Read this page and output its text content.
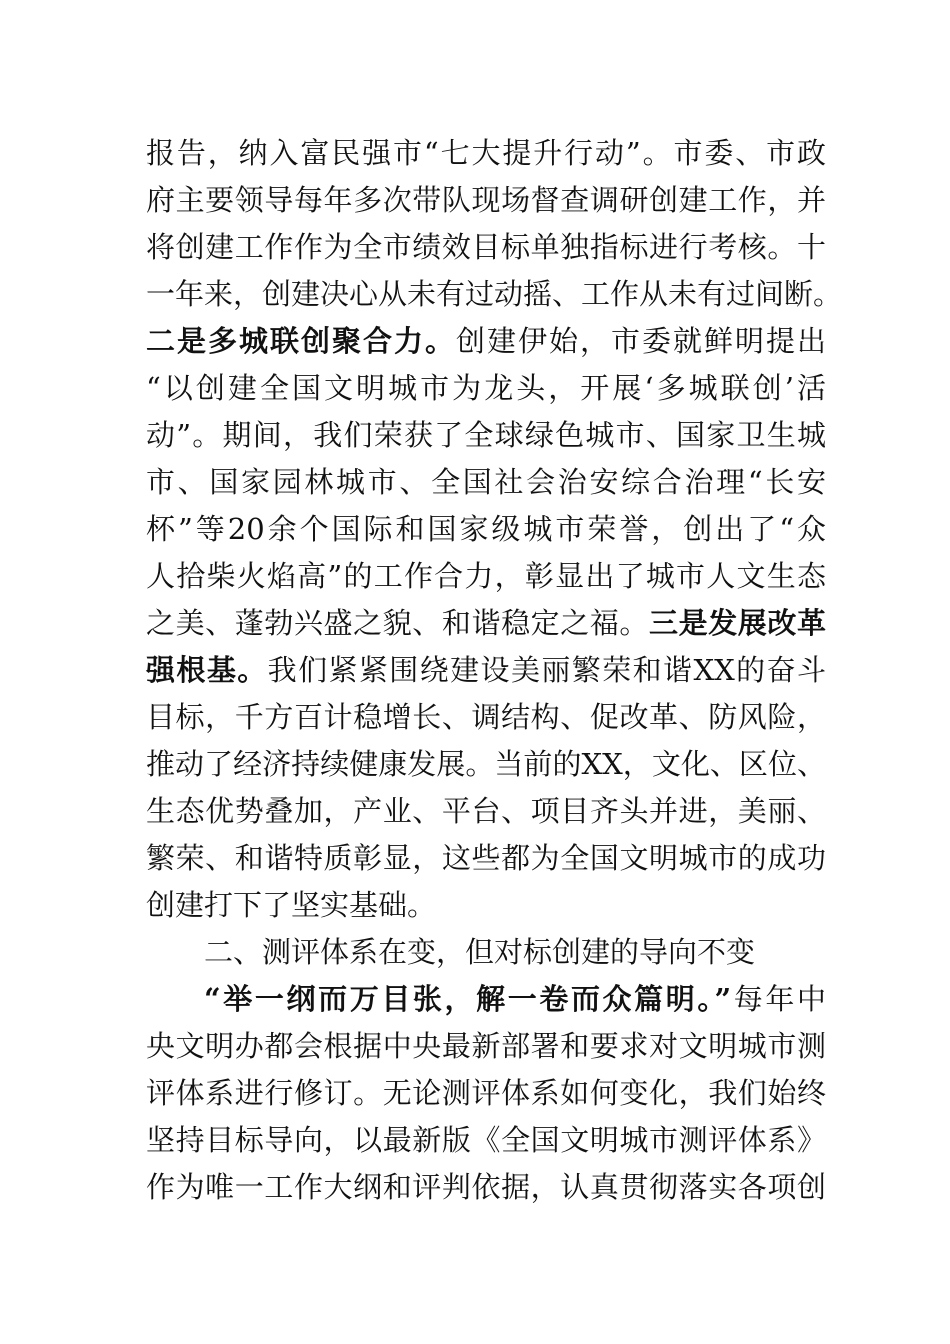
报告，纳入富民强市“七大提升行动”。市委、市政
府主要领导每年多次带队现场督查调研创建工作，并
将创建工作作为全市绩效目标单独指标进行考核。十
一年来，创建决心从未有过动摇、工作从未有过间断。
二是多城联创聚合力。创建伊始，市委就鲜明提出
“以创建全国文明城市为龙头，开展‘多城联创’活
动”。期间，我们荣获了全球绿色城市、国家卫生城
市、国家园林城市、全国社会治安综合治理“长安
杯”等20余个国际和国家级城市荣誉，创出了“众
人拾柴火焰高”的工作合力，彰显出了城市人文生态
之美、蓬勃兴盛之貌、和谐稳定之福。三是发展改革
强根基。我们紧紧围绕建设美丽繁荣和谐XX的奋斗
目标，千方百计稳增长、调结构、促改革、防风险，
推动了经济持续健康发展。当前的XX，文化、区位、
生态优势叠加，产业、平台、项目齐头并进，美丽、
繁荣、和谐特质彰显，这些都为全国文明城市的成功
创建打下了坚实基础。
二、测评体系在变，但对标创建的导向不变
“举一纲而万目张，解一卷而众篇明。”每年中
央文明办都会根据中央最新部署和要求对文明城市测
评体系进行修订。无论测评体系如何变化，我们始终
坚持目标导向，以最新版《全国文明城市测评体系》
作为唯一工作大纲和评判依据，认真贯彻落实各项创
